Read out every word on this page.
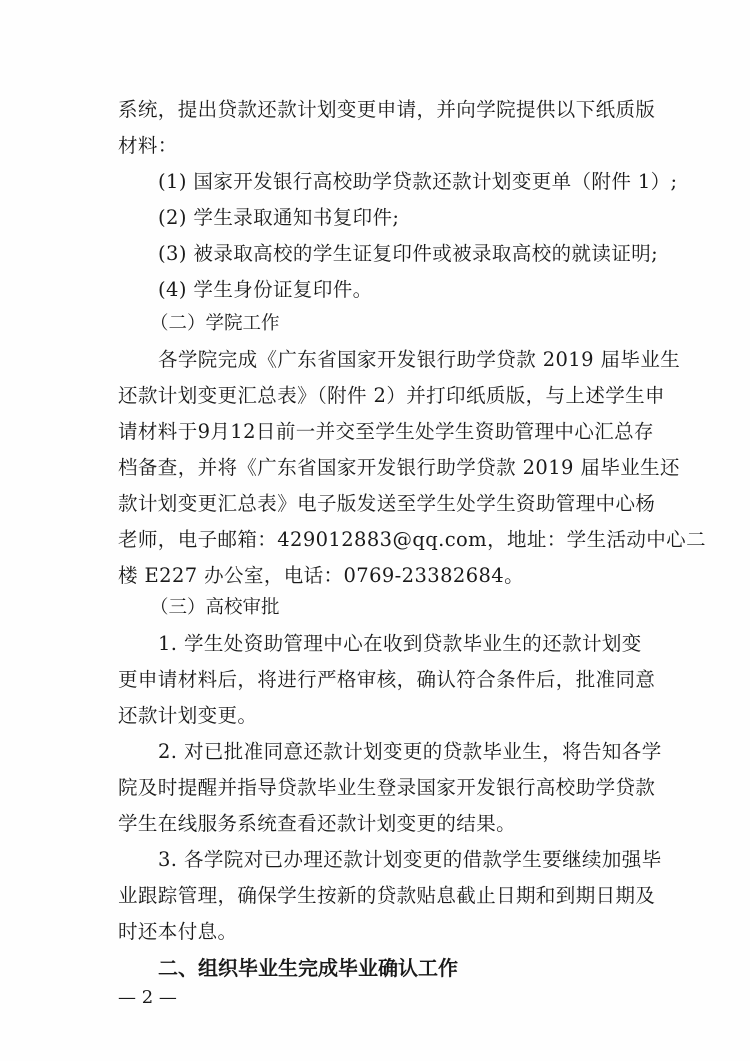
系统，提出贷款还款计划变更申请，并向学院提供以下纸质版
材料：
(1) 国家开发银行高校助学贷款还款计划变更单（附件 1）;
(2) 学生录取通知书复印件;
(3) 被录取高校的学生证复印件或被录取高校的就读证明;
(4) 学生身份证复印件。
（二）学院工作
各学院完成《广东省国家开发银行助学贷款 2019 届毕业生
还款计划变更汇总表》（附件 2）并打印纸质版，与上述学生申
请材料于9月12日前一并交至学生处学生资助管理中心汇总存
档备查，并将《广东省国家开发银行助学贷款 2019 届毕业生还
款计划变更汇总表》电子版发送至学生处学生资助管理中心杨
老师，电子邮箱：429012883@qq.com，地址：学生活动中心二
楼 E227 办公室，电话：0769-23382684。
（三）高校审批
1. 学生处资助管理中心在收到贷款毕业生的还款计划变
更申请材料后，将进行严格审核，确认符合条件后，批准同意
还款计划变更。
2. 对已批准同意还款计划变更的贷款毕业生，将告知各学
院及时提醒并指导贷款毕业生登录国家开发银行高校助学贷款
学生在线服务系统查看还款计划变更的结果。
3. 各学院对已办理还款计划变更的借款学生要继续加强毕
业跟踪管理，确保学生按新的贷款贴息截止日期和到期日期及
时还本付息。
二、组织毕业生完成毕业确认工作
— 2 —
